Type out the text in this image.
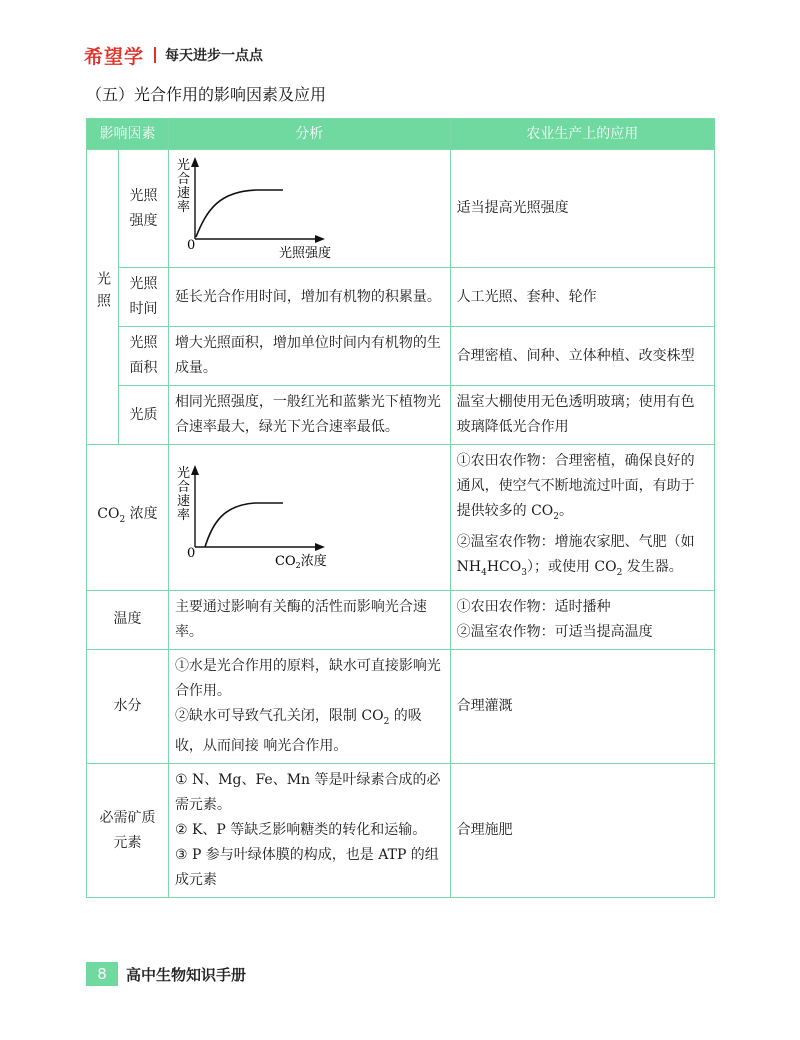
希望学 每天进步一点点
（五）光合作用的影响因素及应用
影响因素		分析	农业生产上的应用
光照	光照强度	0
光照强度
光合速率	适当提高光照强度

	光照时间	延长光合作用时间，增加有机物的积累量。	人工光照、套种、轮作

	光照面积	增大光照面积，增加单位时间内有机物的生成量。	合理密植、间种、立体种植、改变株型
	光质	相同光照强度，一般红光和蓝紫光下植物光合速率最大，绿光下光合速率最低。	温室大棚使用无色透明玻璃；使用有色玻璃降低光合作用
$CO_2$ 浓度		0
$CO_2$浓度
光合速率	①农田农作物：合理密植，确保良好的通风，使空气不断地流过叶面，有助于提供较多的 $CO_2$。
②温室农作物：增施农家肥、气肥（如 $NH_4HCO_3$）；或使用 $CO_2$ 发生器。

温度		主要通过影响有关酶的活性而影响光合速率。	①农田农作物：适时播种
②温室农作物：可适当提高温度

水分		①水是光合作用的原料，缺水可直接影响光合作用。
②缺水可导致气孔关闭，限制 $CO_2$ 的吸收，从而间接 响光合作用。	合理灌溉

必需矿质
元素		① N、Mg、Fe、Mn 等是叶绿素合成的必需元素。
② K、P 等缺乏影响糖类的转化和运输。
③ P 参与叶绿体膜的构成，也是 ATP 的组成元素	合理施肥
8	高中生物知识手册
